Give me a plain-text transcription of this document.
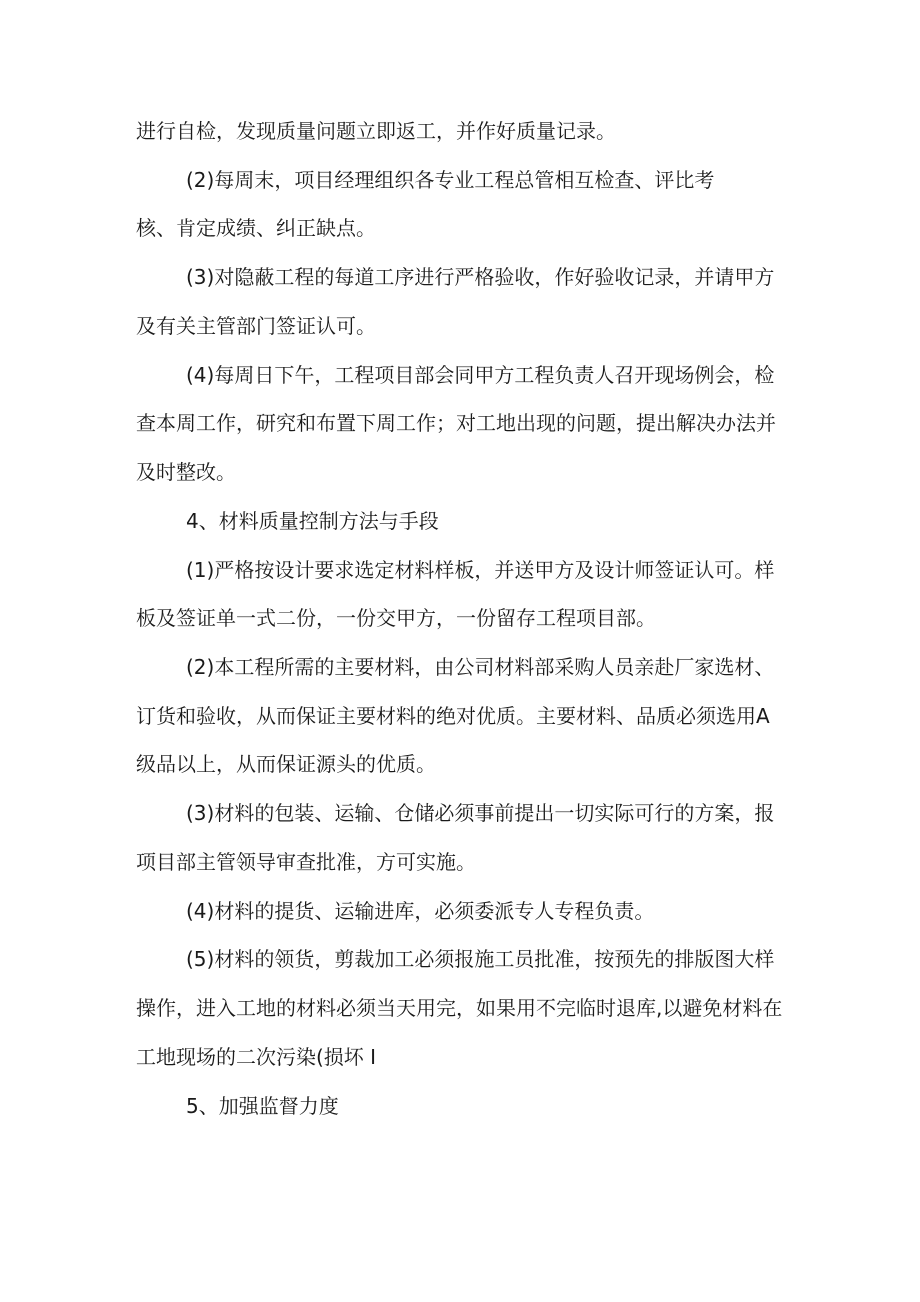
进行自检，发现质量问题立即返工，并作好质量记录。
(2)每周末，项目经理组织各专业工程总管相互检查、评比考
核、肯定成绩、纠正缺点。
(3)对隐蔽工程的每道工序进行严格验收，作好验收记录，并请甲方
及有关主管部门签证认可。
(4)每周日下午，工程项目部会同甲方工程负责人召开现场例会，检
查本周工作，研究和布置下周工作；对工地出现的问题，提出解决办法并
及时整改。
4、材料质量控制方法与手段
(1)严格按设计要求选定材料样板，并送甲方及设计师签证认可。样
板及签证单一式二份，一份交甲方，一份留存工程项目部。
(2)本工程所需的主要材料，由公司材料部采购人员亲赴厂家选材、
订货和验收，从而保证主要材料的绝对优质。主要材料、品质必须选用A
级品以上，从而保证源头的优质。
(3)材料的包装、运输、仓储必须事前提出一切实际可行的方案，报
项目部主管领导审查批准，方可实施。
(4)材料的提货、运输进库，必须委派专人专程负责。
(5)材料的领货，剪裁加工必须报施工员批准，按预先的排版图大样
操作，进入工地的材料必须当天用完，如果用不完临时退库,以避免材料在
工地现场的二次污染(损坏 I
5、加强监督力度
